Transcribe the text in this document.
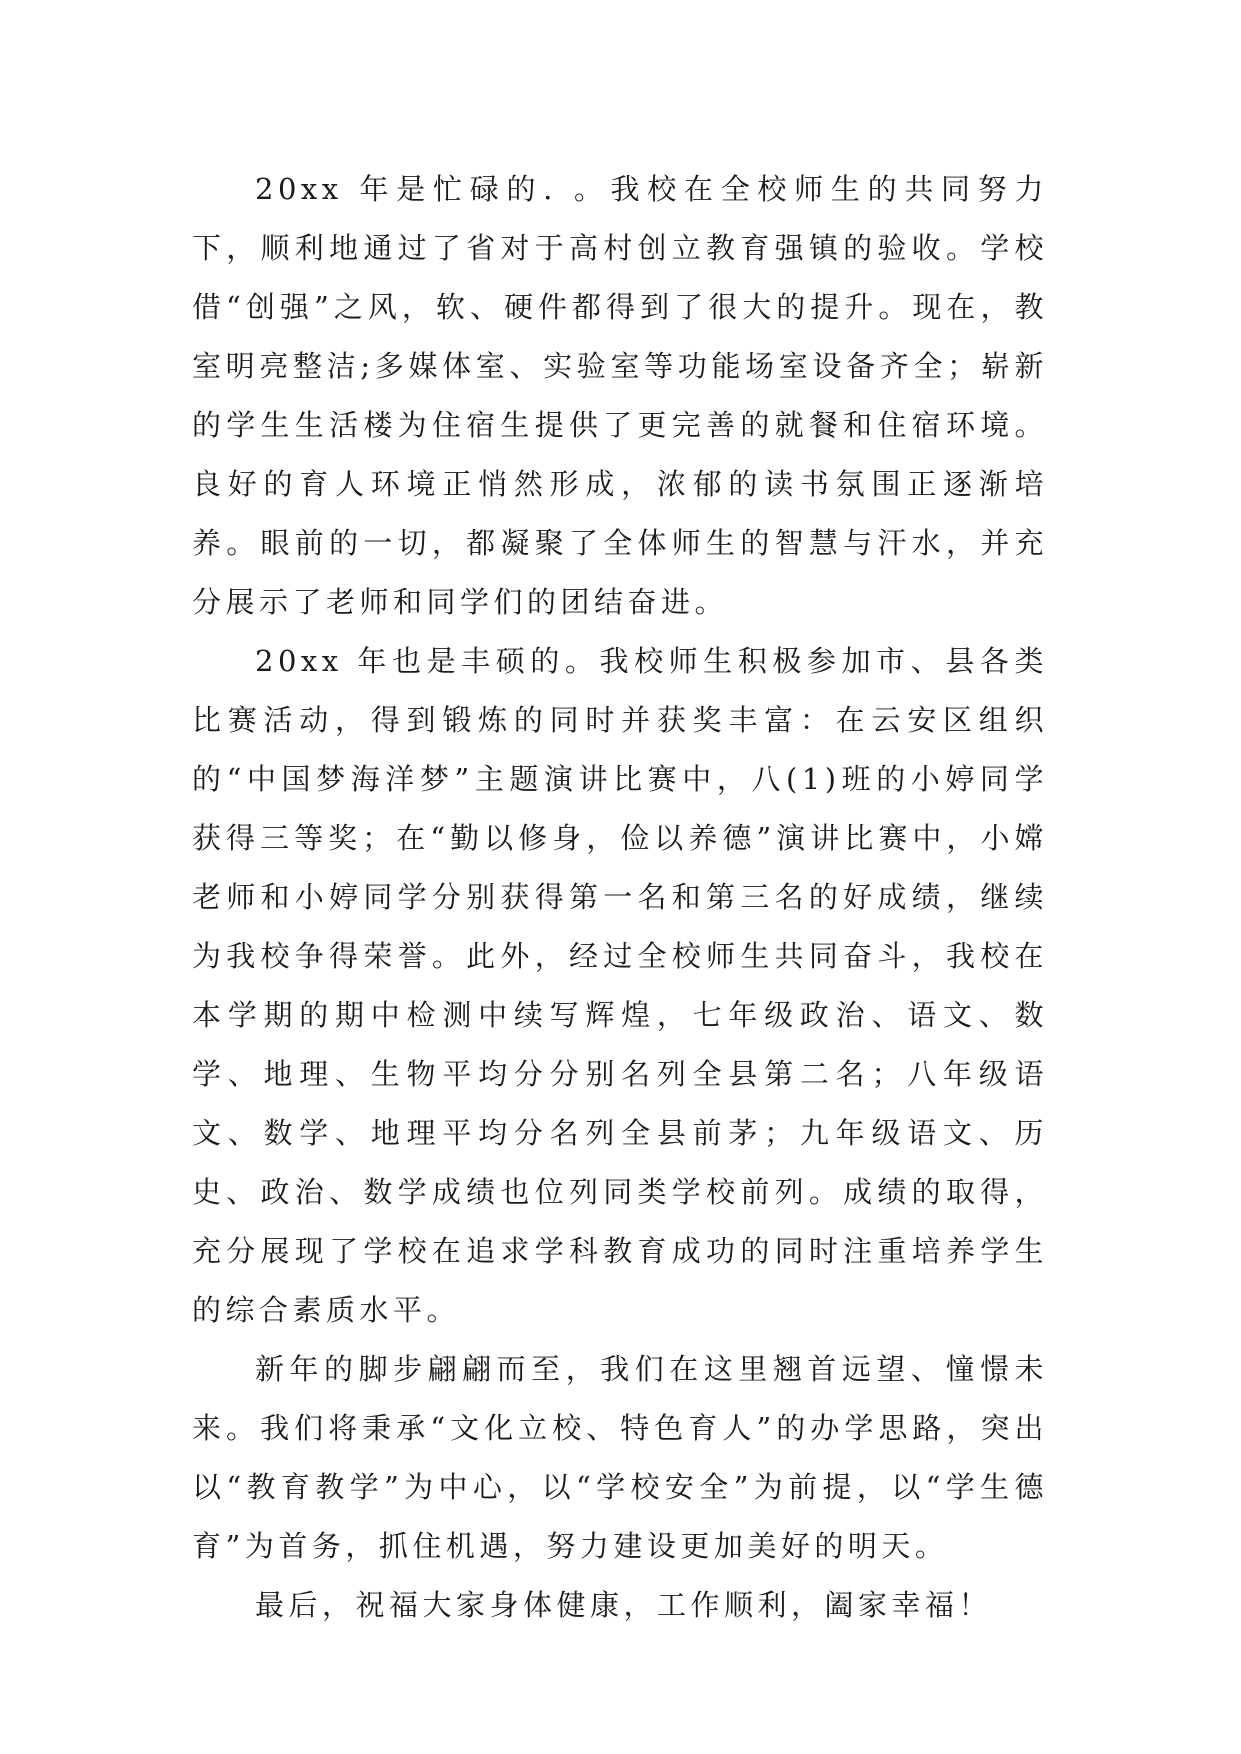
20xx 年是忙碌的. 。我校在全校师生的共同努力下，顺利地通过了省对于高村创立教育强镇的验收。学校借“创强”之风，软、硬件都得到了很大的提升。现在，教室明亮整洁;多媒体室、实验室等功能场室设备齐全；崭新的学生生活楼为住宿生提供了更完善的就餐和住宿环境。良好的育人环境正悄然形成，浓郁的读书氛围正逐渐培养。眼前的一切，都凝聚了全体师生的智慧与汗水，并充分展示了老师和同学们的团结奋进。

20xx 年也是丰硕的。我校师生积极参加市、县各类比赛活动，得到锻炼的同时并获奖丰富：在云安区组织的“中国梦海洋梦”主题演讲比赛中，八(1)班的小婷同学获得三等奖；在“勤以修身，俭以养德”演讲比赛中，小嫦老师和小婷同学分别获得第一名和第三名的好成绩，继续为我校争得荣誉。此外，经过全校师生共同奋斗，我校在本学期的期中检测中续写辉煌，七年级政治、语文、数学、地理、生物平均分分别名列全县第二名；八年级语文、数学、地理平均分名列全县前茅；九年级语文、历史、政治、数学成绩也位列同类学校前列。成绩的取得，充分展现了学校在追求学科教育成功的同时注重培养学生的综合素质水平。

新年的脚步翩翩而至，我们在这里翘首远望、憧憬未来。我们将秉承“文化立校、特色育人”的办学思路，突出以“教育教学”为中心，以“学校安全”为前提，以“学生德育”为首务，抓住机遇，努力建设更加美好的明天。

最后，祝福大家身体健康，工作顺利，阖家幸福！
